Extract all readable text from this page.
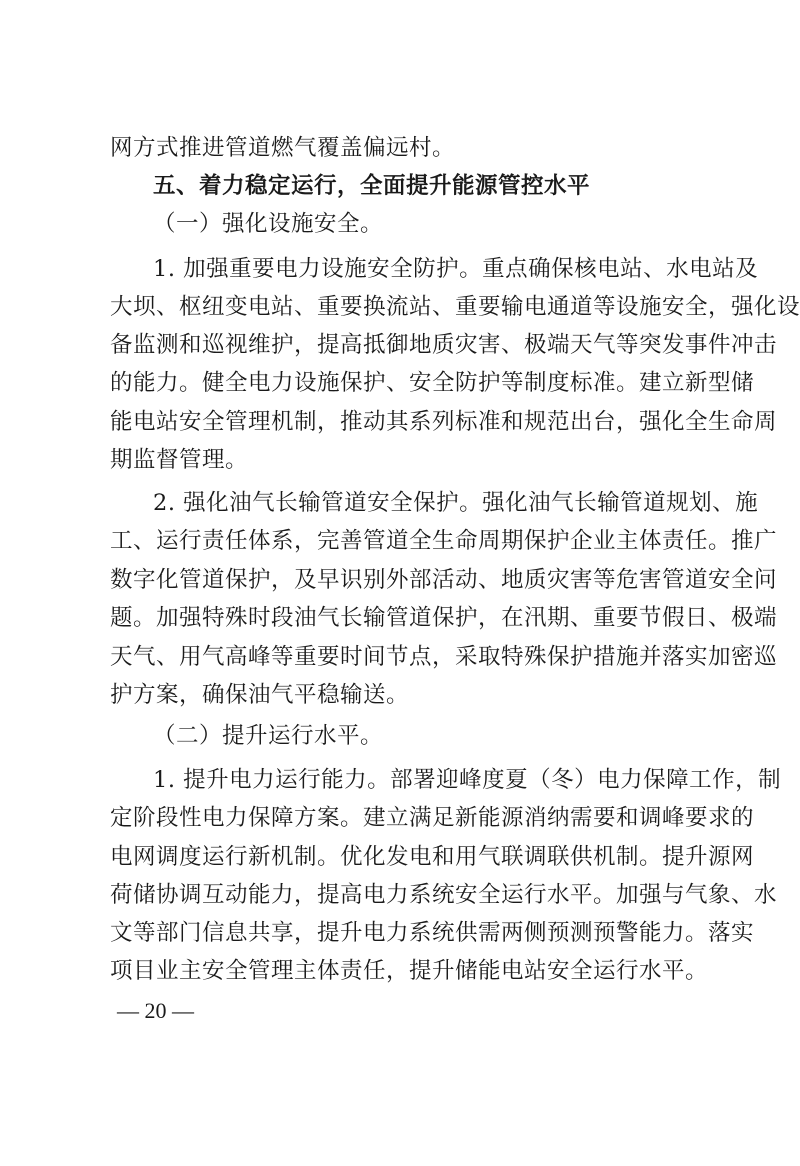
网方式推进管道燃气覆盖偏远村。
五、着力稳定运行，全面提升能源管控水平
（一）强化设施安全。
1. 加强重要电力设施安全防护。重点确保核电站、水电站及
大坝、枢纽变电站、重要换流站、重要输电通道等设施安全，强化设
备监测和巡视维护，提高抵御地质灾害、极端天气等突发事件冲击
的能力。健全电力设施保护、安全防护等制度标准。建立新型储
能电站安全管理机制，推动其系列标准和规范出台，强化全生命周
期监督管理。
2. 强化油气长输管道安全保护。强化油气长输管道规划、施
工、运行责任体系，完善管道全生命周期保护企业主体责任。推广
数字化管道保护，及早识别外部活动、地质灾害等危害管道安全问
题。加强特殊时段油气长输管道保护，在汛期、重要节假日、极端
天气、用气高峰等重要时间节点，采取特殊保护措施并落实加密巡
护方案，确保油气平稳输送。
（二）提升运行水平。
1. 提升电力运行能力。部署迎峰度夏（冬）电力保障工作，制
定阶段性电力保障方案。建立满足新能源消纳需要和调峰要求的
电网调度运行新机制。优化发电和用气联调联供机制。提升源网
荷储协调互动能力，提高电力系统安全运行水平。加强与气象、水
文等部门信息共享，提升电力系统供需两侧预测预警能力。落实
项目业主安全管理主体责任，提升储能电站安全运行水平。
— 20 —
